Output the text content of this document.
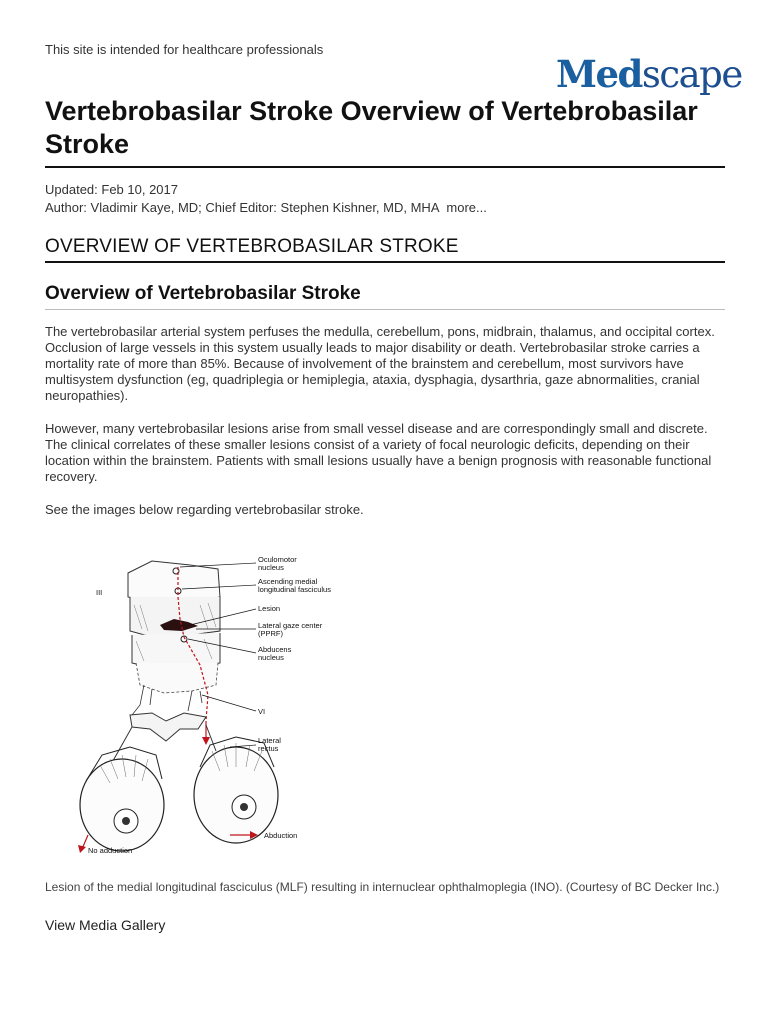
This site is intended for healthcare professionals
Medscape
Vertebrobasilar Stroke Overview of Vertebrobasilar Stroke
Updated: Feb 10, 2017
Author: Vladimir Kaye, MD; Chief Editor: Stephen Kishner, MD, MHA more...
OVERVIEW OF VERTEBROBASILAR STROKE
Overview of Vertebrobasilar Stroke

The vertebrobasilar arterial system perfuses the medulla, cerebellum, pons, midbrain, thalamus, and occipital cortex. Occlusion of large vessels in this system usually leads to major disability or death. Vertebrobasilar stroke carries a mortality rate of more than 85%. Because of involvement of the brainstem and cerebellum, most survivors have multisystem dysfunction (eg, quadriplegia or hemiplegia, ataxia, dysphagia, dysarthria, gaze abnormalities, cranial neuropathies).

However, many vertebrobasilar lesions arise from small vessel disease and are correspondingly small and discrete. The clinical correlates of these smaller lesions consist of a variety of focal neurologic deficits, depending on their location within the brainstem. Patients with small lesions usually have a benign prognosis with reasonable functional recovery.

See the images below regarding vertebrobasilar stroke.

Oculomotor
nucleus
Ascending medial
longitudinal fasciculus
Lesion
Lateral gaze center
(PPRF)
Abducens
nucleus
III
VI
Lateral
rectus
Abduction
No adduction

Lesion of the medial longitudinal fasciculus (MLF) resulting in internuclear ophthalmoplegia (INO). (Courtesy of BC Decker Inc.)

View Media Gallery
